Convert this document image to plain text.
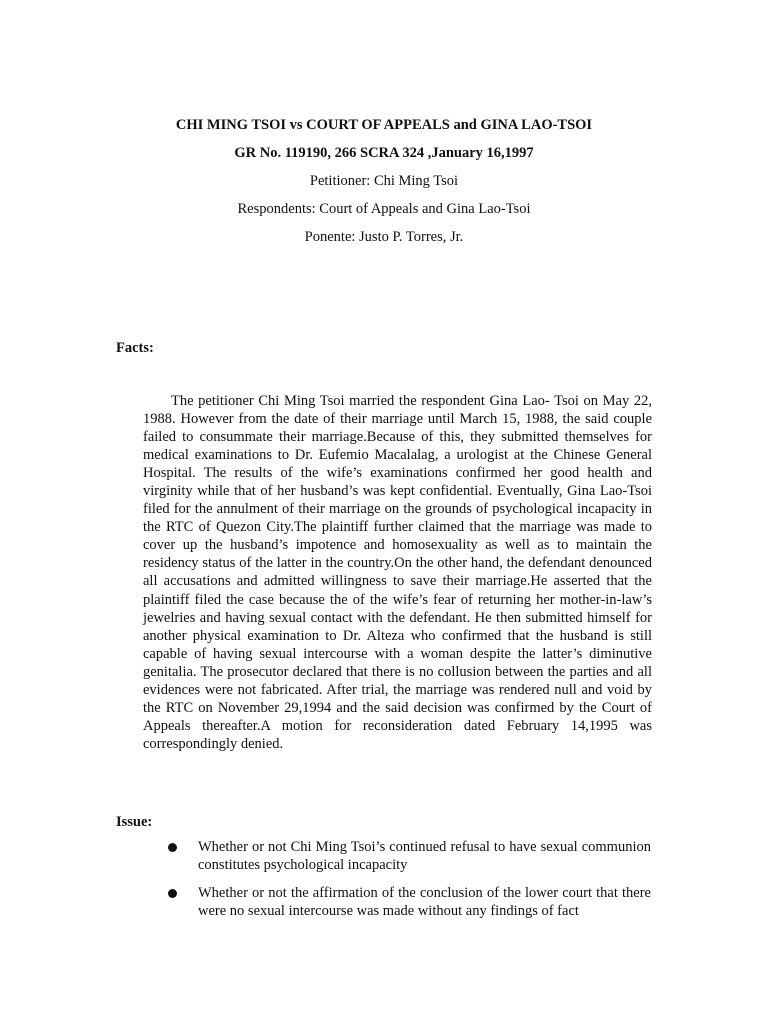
CHI MING TSOI vs COURT OF APPEALS and GINA LAO-TSOI
GR No. 119190, 266 SCRA 324 ,January 16,1997
Petitioner: Chi Ming Tsoi
Respondents: Court of Appeals and Gina Lao-Tsoi
Ponente: Justo P. Torres, Jr.
Facts:

The petitioner Chi Ming Tsoi married the respondent Gina Lao- Tsoi on May 22, 1988. However from the date of their marriage until March 15, 1988, the said couple failed to consummate their marriage.Because of this, they submitted themselves for medical examinations to Dr. Eufemio Macalalag, a urologist at the Chinese General Hospital. The results of the wife’s examinations confirmed her good health and virginity while that of her husband’s was kept confidential. Eventually, Gina Lao-Tsoi filed for the annulment of their marriage on the grounds of psychological incapacity in the RTC of Quezon City.The plaintiff further claimed that the marriage was made to cover up the husband’s impotence and homosexuality as well as to maintain the residency status of the latter in the country.On the other hand, the defendant denounced all accusations and admitted willingness to save their marriage.He asserted that the plaintiff filed the case because the of the wife’s fear of returning her mother-in-law’s jewelries and having sexual contact with the defendant. He then submitted himself for another physical examination to Dr. Alteza who confirmed that the husband is still capable of having sexual intercourse with a woman despite the latter’s diminutive genitalia. The prosecutor declared that there is no collusion between the parties and all evidences were not fabricated. After trial, the marriage was rendered null and void by the RTC on November 29,1994 and the said decision was confirmed by the Court of Appeals thereafter.A motion for reconsideration dated February 14,1995 was correspondingly denied.

Issue:
Whether or not Chi Ming Tsoi’s continued refusal to have sexual communion constitutes psychological incapacity
Whether or not the affirmation of the conclusion of the lower court that there were no sexual intercourse was made without any findings of fact
